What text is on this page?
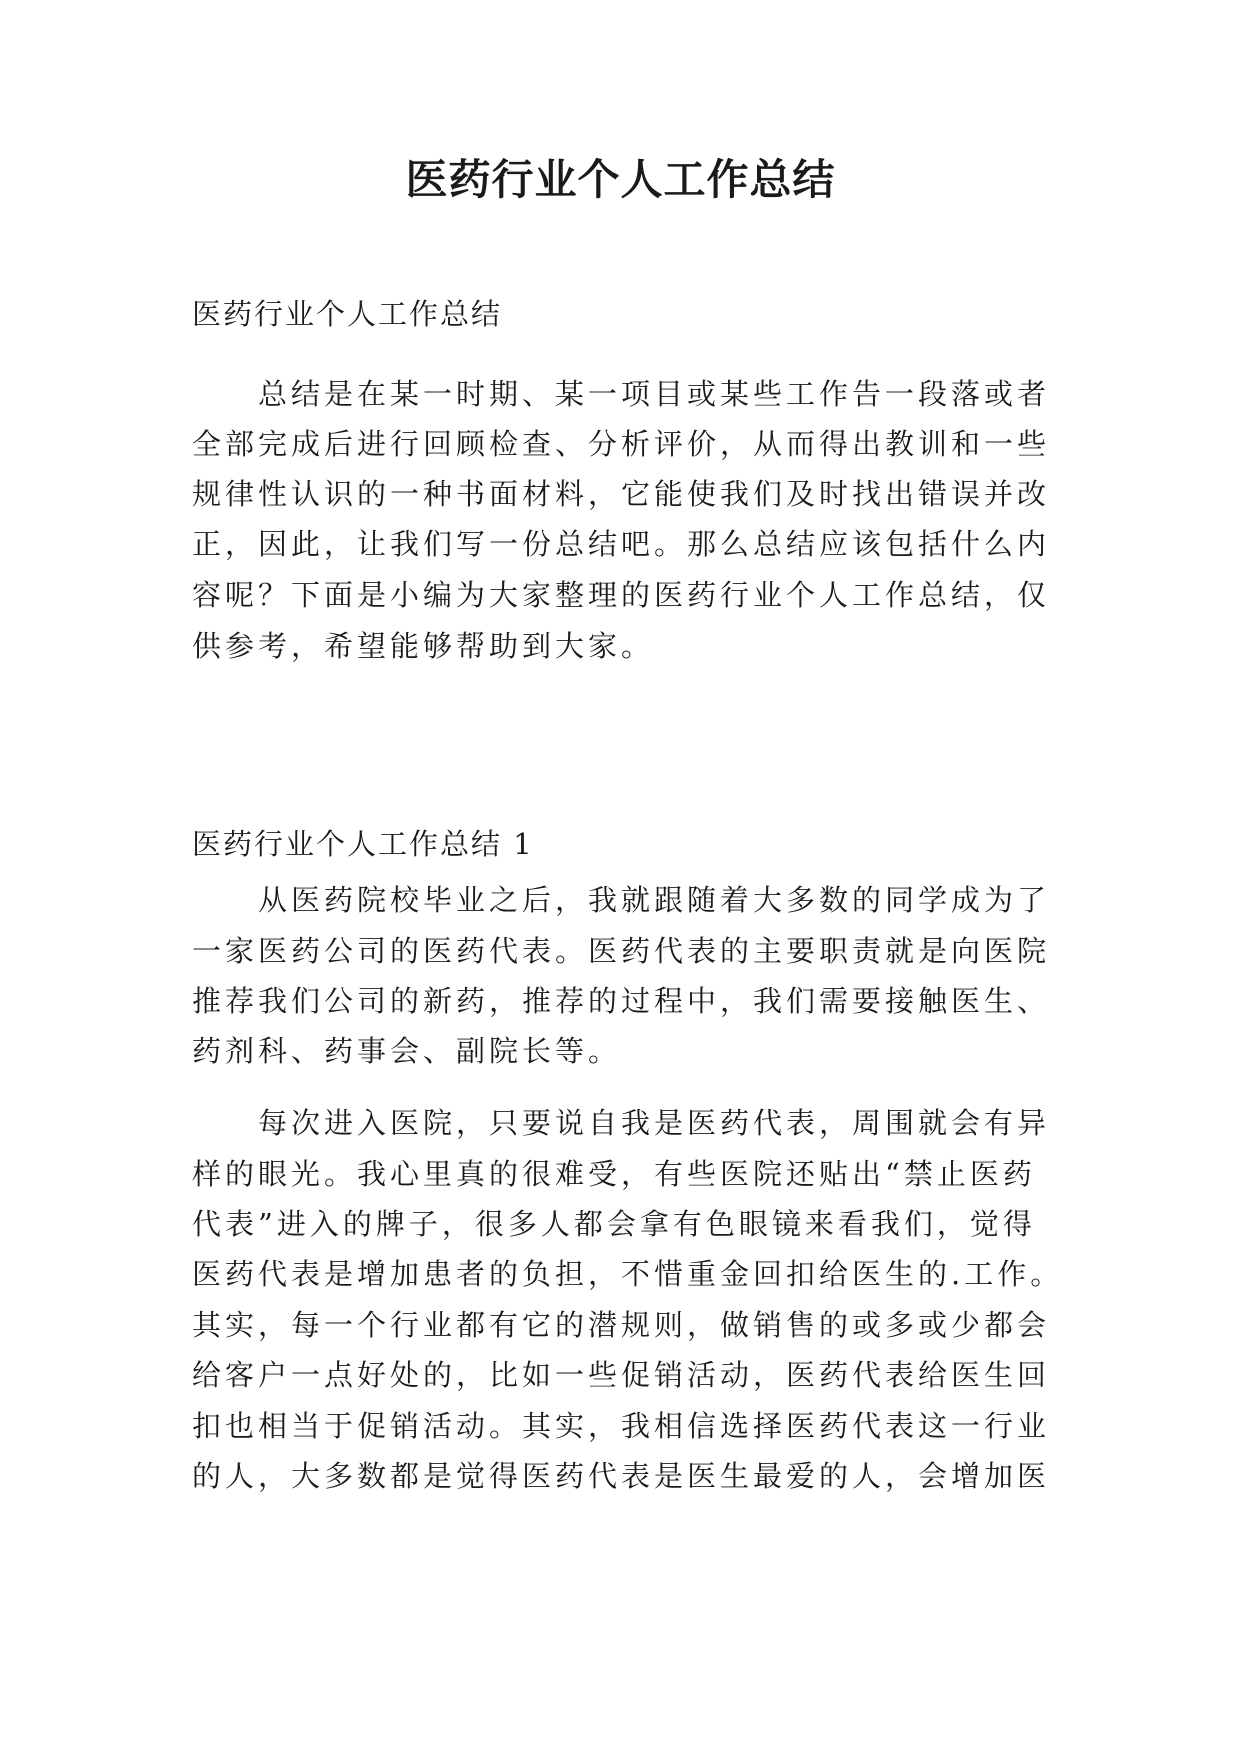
医药行业个人工作总结
医药行业个人工作总结
总结是在某一时期、某一项目或某些工作告一段落或者
全部完成后进行回顾检查、分析评价，从而得出教训和一些
规律性认识的一种书面材料，它能使我们及时找出错误并改
正，因此，让我们写一份总结吧。那么总结应该包括什么内
容呢？下面是小编为大家整理的医药行业个人工作总结，仅
供参考，希望能够帮助到大家。
医药行业个人工作总结 1
从医药院校毕业之后，我就跟随着大多数的同学成为了
一家医药公司的医药代表。医药代表的主要职责就是向医院
推荐我们公司的新药，推荐的过程中，我们需要接触医生、
药剂科、药事会、副院长等。
每次进入医院，只要说自我是医药代表，周围就会有异
样的眼光。我心里真的很难受，有些医院还贴出“禁止医药
代表”进入的牌子，很多人都会拿有色眼镜来看我们，觉得
医药代表是增加患者的负担，不惜重金回扣给医生的.工作。
其实，每一个行业都有它的潜规则，做销售的或多或少都会
给客户一点好处的，比如一些促销活动，医药代表给医生回
扣也相当于促销活动。其实，我相信选择医药代表这一行业
的人，大多数都是觉得医药代表是医生最爱的人，会增加医
